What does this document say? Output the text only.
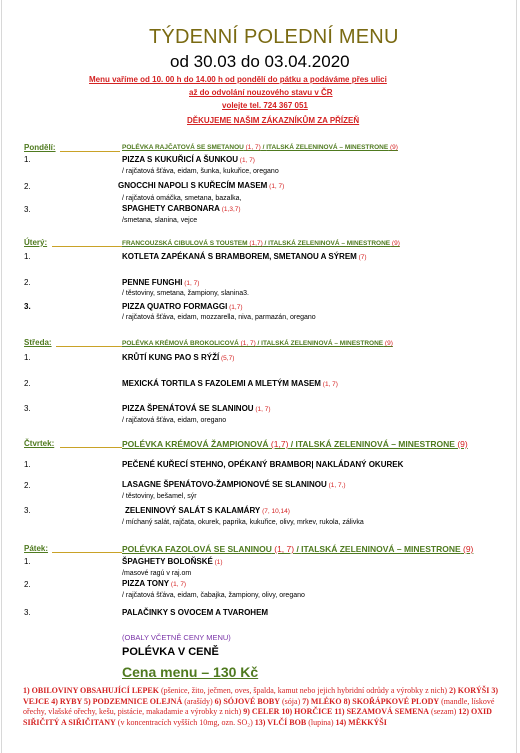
TÝDENNÍ POLEDNÍ MENU
od 30.03 do 03.04.2020
Menu vaříme od 10. 00 h do 14.00 h od pondělí do pátku a podáváme přes ulici
až do odvolání nouzového stavu v ČR
volejte tel. 724 367 051
DĚKUJEME NAŠIM ZÁKAZNÍKŮM ZA PŘÍZEŇ
Pondělí:	POLÉVKA RAJČATOVÁ SE SMETANOU (1, 7) / ITALSKÁ ZELENINOVÁ – MINESTRONE (9)
1.	PIZZA S KUKUŘICÍ A ŠUNKOU (1, 7)
/ rajčatová šťáva, eidam, šunka, kukuřice, oregano
2.	GNOCCHI NAPOLI S KUŘECÍM MASEM (1, 7)
/ rajčatová omáčka, smetana, bazalka,
3.	SPAGHETY CARBONARA (1,3,7)
/smetana, slanina, vejce
Úterý:	FRANCOUZSKÁ CIBULOVÁ S TOUSTEM (1,7) / ITALSKÁ ZELENINOVÁ – MINESTRONE (9)
1.	KOTLETA ZAPÉKANÁ S BRAMBOREM, SMETANOU A SÝREM (7)
2.	PENNE FUNGHI (1, 7)
/ těstoviny, smetana, žampiony, slanina3.
3.	PIZZA QUATRO FORMAGGI (1,7)
/ rajčatová šťáva, eidam, mozzarella, niva, parmazán, oregano
Středa:	POLÉVKA KRÉMOVÁ BROKOLICOVÁ (1, 7) / ITALSKÁ ZELENINOVÁ – MINESTRONE (9)
1.	KRŮTÍ KUNG PAO S RÝŽÍ (5,7)
2.	MEXICKÁ TORTILA S FAZOLEMI A MLETÝM MASEM (1, 7)
3.	PIZZA ŠPENÁTOVÁ SE SLANINOU (1, 7)
/ rajčatová šťáva, eidam, oregano
Čtvrtek:	POLÉVKA KRÉMOVÁ ŽAMPIONOVÁ (1,7) / ITALSKÁ ZELENINOVÁ – MINESTRONE (9)
1.	PEČENÉ KUŘECÍ STEHNO, OPÉKANÝ BRAMBOR| NAKLÁDANÝ OKUREK
2.	LASAGNE ŠPENÁTOVO-ŽAMPIONOVÉ SE SLANINOU (1, 7,)
/ těstoviny, bešamel, sýr
3.	ZELENINOVÝ SALÁT S KALAMÁRY (7, 10,14)
/ míchaný salát, rajčata, okurek, paprika, kukuřice, olivy, mrkev, rukola, zálivka
Pátek:	POLÉVKA FAZOLOVÁ SE SLANINOU (1, 7) / ITALSKÁ ZELENINOVÁ – MINESTRONE (9)
1.	ŠPAGHETY BOLOŇSKÉ (1)
/masové ragú v raj.om
2.	PIZZA TONY (1, 7)
/ rajčatová šťáva, eidam, čabajka, žampiony, olivy, oregano
3.	PALAČINKY S OVOCEM A TVAROHEM
(OBALY VČETNĚ CENY MENU)
POLÉVKA V CENĚ
Cena menu – 130 Kč
1) OBILOVINY OBSAHUJÍCÍ LEPEK (pšenice, žito, ječmen, oves, špalda, kamut nebo jejich hybridní odrůdy a výrobky z nich) 2) KORÝŠI 3) VEJCE 4) RYBY 5) PODZEMNICE OLEJNÁ (arašídy) 6) SÓJOVÉ BOBY (sója) 7) MLÉKO 8) SKOŘÁPKOVÉ PLODY (mandle, lískové ořechy, vlašské ořechy, kešu, pistácie, makadamie a výrobky z nich) 9) CELER 10) HORČICE 11) SEZAMOVÁ SEMENA (sezam) 12) OXID SIŘIČITÝ A SIŘIČITANY (v koncentracích vyšších 10mg, ozn. SO₂) 13) VLČÍ BOB (lupina) 14) MĚKKÝŠI
